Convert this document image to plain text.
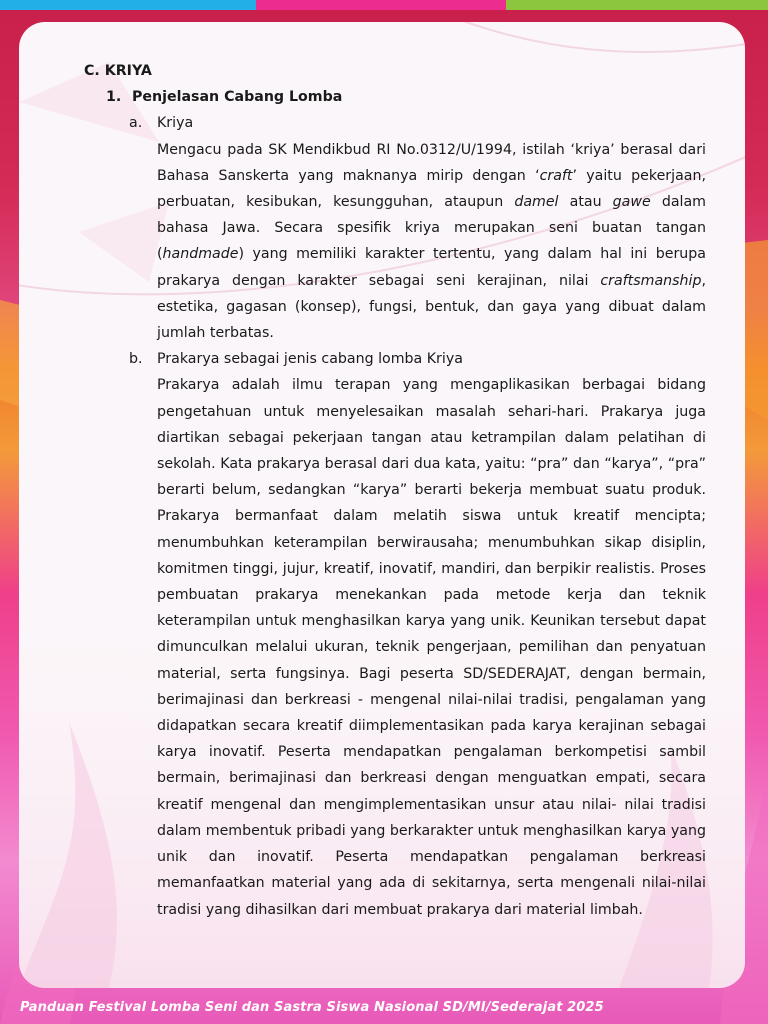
C. KRIYA
1. Penjelasan Cabang Lomba
a.	Kriya

Mengacu pada SK Mendikbud RI No.0312/U/1994, istilah ‘kriya’ berasal dari Bahasa Sanskerta yang maknanya mirip dengan ‘craft’ yaitu pekerjaan, perbuatan, kesibukan, kesungguhan, ataupun damel atau gawe dalam bahasa Jawa. Secara spesifik kriya merupakan seni buatan tangan (handmade) yang memiliki karakter tertentu, yang dalam hal ini berupa prakarya dengan karakter sebagai seni kerajinan, nilai craftsmanship, estetika, gagasan (konsep), fungsi, bentuk, dan gaya yang dibuat dalam jumlah terbatas.

b.	Prakarya sebagai jenis cabang lomba Kriya

Prakarya adalah ilmu terapan yang mengaplikasikan berbagai bidang pengetahuan untuk menyelesaikan masalah sehari-hari. Prakarya juga diartikan sebagai pekerjaan tangan atau ketrampilan dalam pelatihan di sekolah. Kata prakarya berasal dari dua kata, yaitu: “pra” dan “karya”, “pra” berarti belum, sedangkan “karya” berarti bekerja membuat suatu produk. Prakarya bermanfaat dalam melatih siswa untuk kreatif mencipta; menumbuhkan keterampilan berwirausaha; menumbuhkan sikap disiplin, komitmen tinggi, jujur, kreatif, inovatif, mandiri, dan berpikir realistis. Proses pembuatan prakarya menekankan pada metode kerja dan teknik keterampilan untuk menghasilkan karya yang unik. Keunikan tersebut dapat dimunculkan melalui ukuran, teknik pengerjaan, pemilihan dan penyatuan material, serta fungsinya. Bagi peserta SD/SEDERAJAT, dengan bermain, berimajinasi dan berkreasi - mengenal nilai-nilai tradisi, pengalaman yang didapatkan secara kreatif diimplementasikan pada karya kerajinan sebagai karya inovatif. Peserta mendapatkan pengalaman berkompetisi sambil bermain, berimajinasi dan berkreasi dengan menguatkan empati, secara kreatif mengenal dan mengimplementasikan unsur atau nilai- nilai tradisi dalam membentuk pribadi yang berkarakter untuk menghasilkan karya yang unik dan inovatif. Peserta mendapatkan pengalaman berkreasi memanfaatkan material yang ada di sekitarnya, serta mengenali nilai-nilai tradisi yang dihasilkan dari membuat prakarya dari material limbah.

Panduan Festival Lomba Seni dan Sastra Siswa Nasional SD/MI/Sederajat 2025
